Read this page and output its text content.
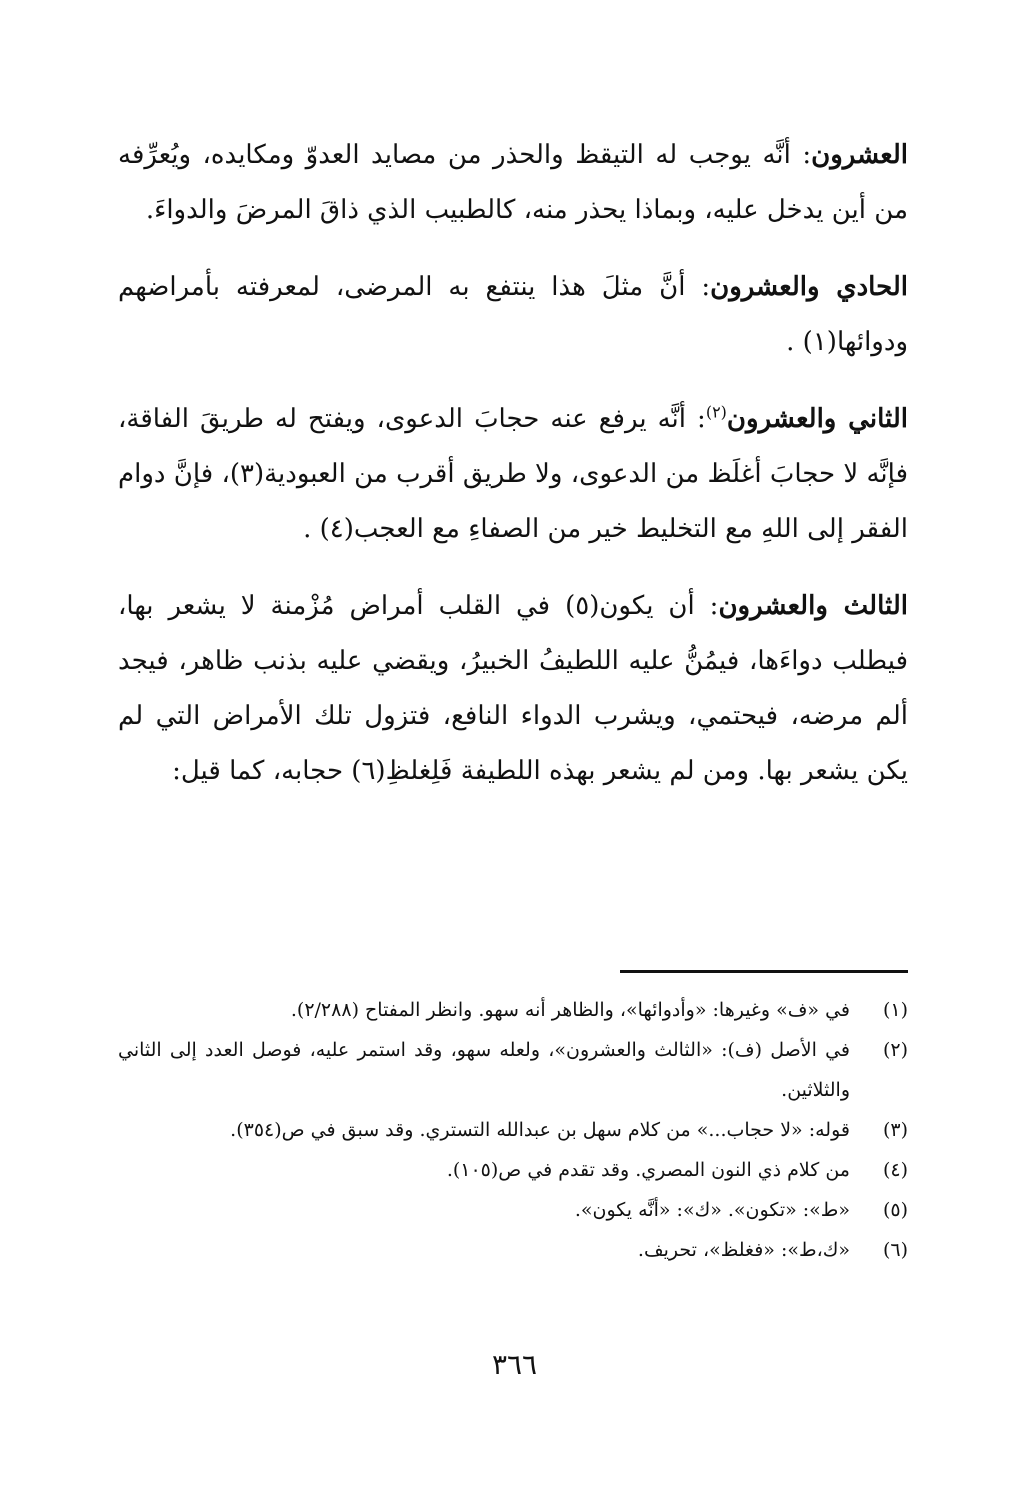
العشرون: أنَّه يوجب له التيقظ والحذر من مصايد العدوّ ومكايده، ويُعرِّفه من أين يدخل عليه، وبماذا يحذر منه، كالطبيب الذي ذاقَ المرضَ والدواءَ.

الحادي والعشرون: أنَّ مثلَ هذا ينتفع به المرضى، لمعرفته بأمراضهم ودوائها(١) .

الثاني والعشرون$^{(٢)}$: أنَّه يرفع عنه حجابَ الدعوى، ويفتح له طريقَ الفاقة، فإنَّه لا حجابَ أغلَظ من الدعوى، ولا طريق أقرب من العبودية(٣)، فإنَّ دوام الفقر إلى اللهِ مع التخليط خير من الصفاءِ مع العجب(٤) .

الثالث والعشرون: أن يكون(٥) في القلب أمراض مُزْمنة لا يشعر بها، فيطلب دواءَها، فيمُنُّ عليه اللطيفُ الخبيرُ، ويقضي عليه بذنب ظاهر، فيجد ألم مرضه، فيحتمي، ويشرب الدواء النافع، فتزول تلك الأمراض التي لم يكن يشعر بها. ومن لم يشعر بهذه اللطيفة فَلِغلظِ(٦) حجابه، كما قيل:

(١)
في «ف» وغيرها: «وأدوائها»، والظاهر أنه سهو. وانظر المفتاح (٢/٢٨٨).
(٢)
في الأصل (ف): «الثالث والعشرون»، ولعله سهو، وقد استمر عليه، فوصل العدد إلى الثاني والثلاثين.
(٣)
قوله: «لا حجاب...» من كلام سهل بن عبدالله التستري. وقد سبق في ص(٣٥٤).
(٤)
من كلام ذي النون المصري. وقد تقدم في ص(١٠٥).
(٥)
«ط»: «تكون». «ك»: «أنَّه يكون».
(٦)
«ك،ط»: «فغلظ»، تحريف.
٣٦٦
